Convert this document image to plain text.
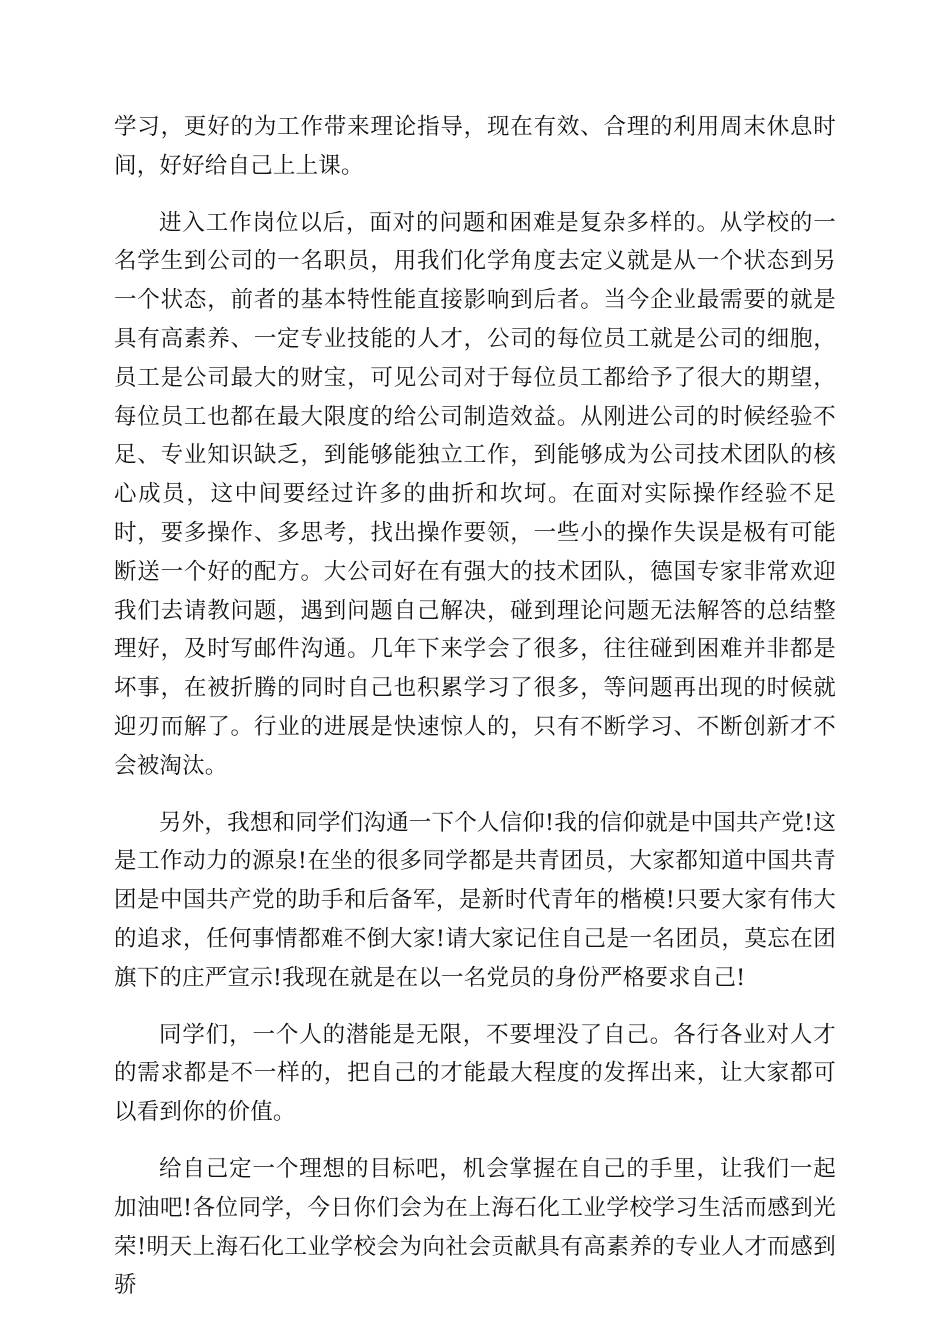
学习，更好的为工作带来理论指导，现在有效、合理的利用周末休息时间，好好给自己上上课。

进入工作岗位以后，面对的问题和困难是复杂多样的。从学校的一名学生到公司的一名职员，用我们化学角度去定义就是从一个状态到另一个状态，前者的基本特性能直接影响到后者。当今企业最需要的就是具有高素养、一定专业技能的人才，公司的每位员工就是公司的细胞，员工是公司最大的财宝，可见公司对于每位员工都给予了很大的期望，每位员工也都在最大限度的给公司制造效益。从刚进公司的时候经验不足、专业知识缺乏，到能够能独立工作，到能够成为公司技术团队的核心成员，这中间要经过许多的曲折和坎坷。在面对实际操作经验不足时，要多操作、多思考，找出操作要领，一些小的操作失误是极有可能断送一个好的配方。大公司好在有强大的技术团队，德国专家非常欢迎我们去请教问题，遇到问题自己解决，碰到理论问题无法解答的总结整理好，及时写邮件沟通。几年下来学会了很多，往往碰到困难并非都是坏事，在被折腾的同时自己也积累学习了很多，等问题再出现的时候就迎刃而解了。行业的进展是快速惊人的，只有不断学习、不断创新才不会被淘汰。

另外，我想和同学们沟通一下个人信仰!我的信仰就是中国共产党!这是工作动力的源泉!在坐的很多同学都是共青团员，大家都知道中国共青团是中国共产党的助手和后备军，是新时代青年的楷模!只要大家有伟大的追求，任何事情都难不倒大家!请大家记住自己是一名团员，莫忘在团旗下的庄严宣示!我现在就是在以一名党员的身份严格要求自己!

同学们，一个人的潜能是无限，不要埋没了自己。各行各业对人才的需求都是不一样的，把自己的才能最大程度的发挥出来，让大家都可以看到你的价值。

给自己定一个理想的目标吧，机会掌握在自己的手里，让我们一起加油吧!各位同学，今日你们会为在上海石化工业学校学习生活而感到光荣!明天上海石化工业学校会为向社会贡献具有高素养的专业人才而感到骄
